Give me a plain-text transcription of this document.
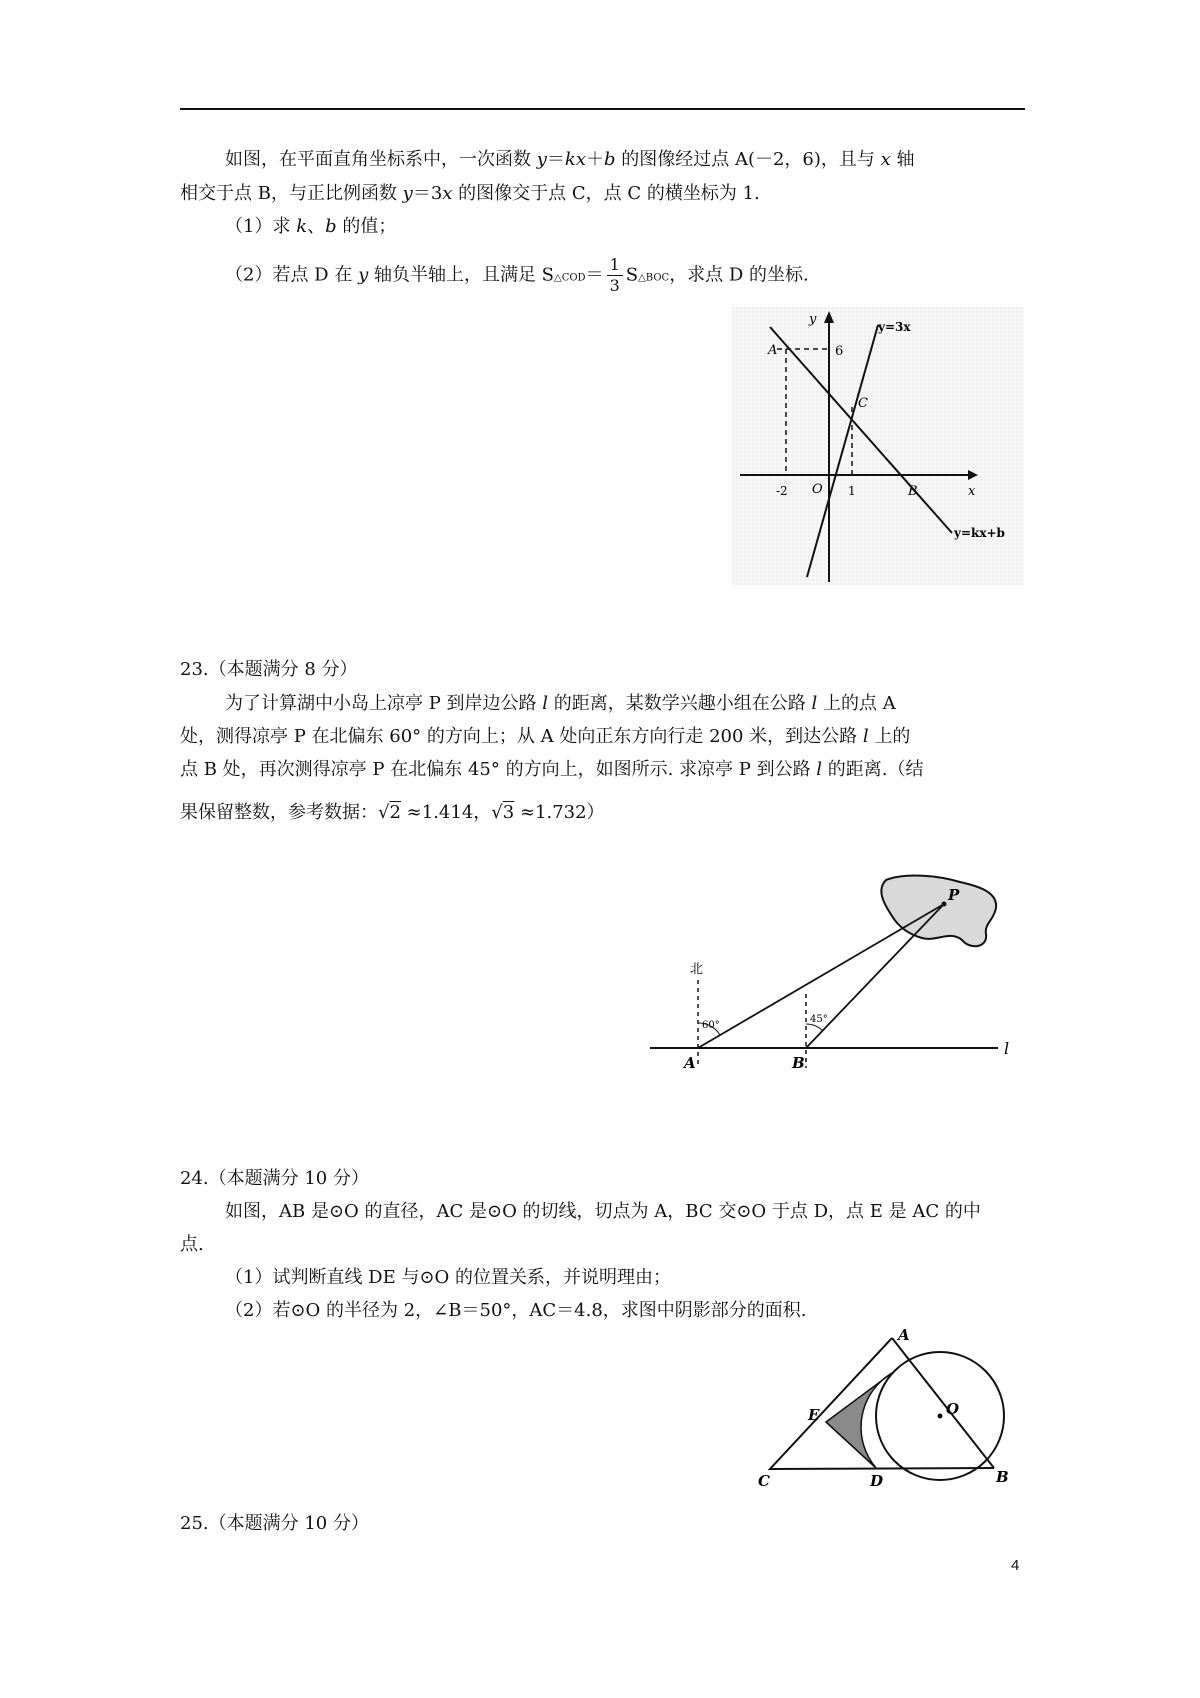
如图，在平面直角坐标系中，一次函数 y＝kx＋b 的图像经过点 A(－2，6)，且与 x 轴
相交于点 B，与正比例函数 y＝3x 的图像交于点 C，点 C 的横坐标为 1.
（1）求 k、b 的值；
（2）若点 D 在 y 轴负半轴上，且满足 S△COD＝ $\frac{1}{3}$ S△BOC，求点 D 的坐标.
y
x
A	6
C
B
O
-2	1
y=3x
y=kx+b
23.（本题满分 8 分）
为了计算湖中小岛上凉亭 P 到岸边公路 l 的距离，某数学兴趣小组在公路 l 上的点 A
处，测得凉亭 P 在北偏东 60° 的方向上；从 A 处向正东方向行走 200 米，到达公路 l 上的
点 B 处，再次测得凉亭 P 在北偏东 45° 的方向上，如图所示. 求凉亭 P 到公路 l 的距离.（结
果保留整数，参考数据：√2 ≈1.414，√3 ≈1.732）
北
60°
45°
A	B
P
l
24.（本题满分 10 分）
如图，AB 是⊙O 的直径，AC 是⊙O 的切线，切点为 A，BC 交⊙O 于点 D，点 E 是 AC 的中
点.
（1）试判断直线 DE 与⊙O 的位置关系，并说明理由；
（2）若⊙O 的半径为 2，∠B＝50°，AC＝4.8，求图中阴影部分的面积.
A
E	O
C	D	B
25.（本题满分 10 分）
4
